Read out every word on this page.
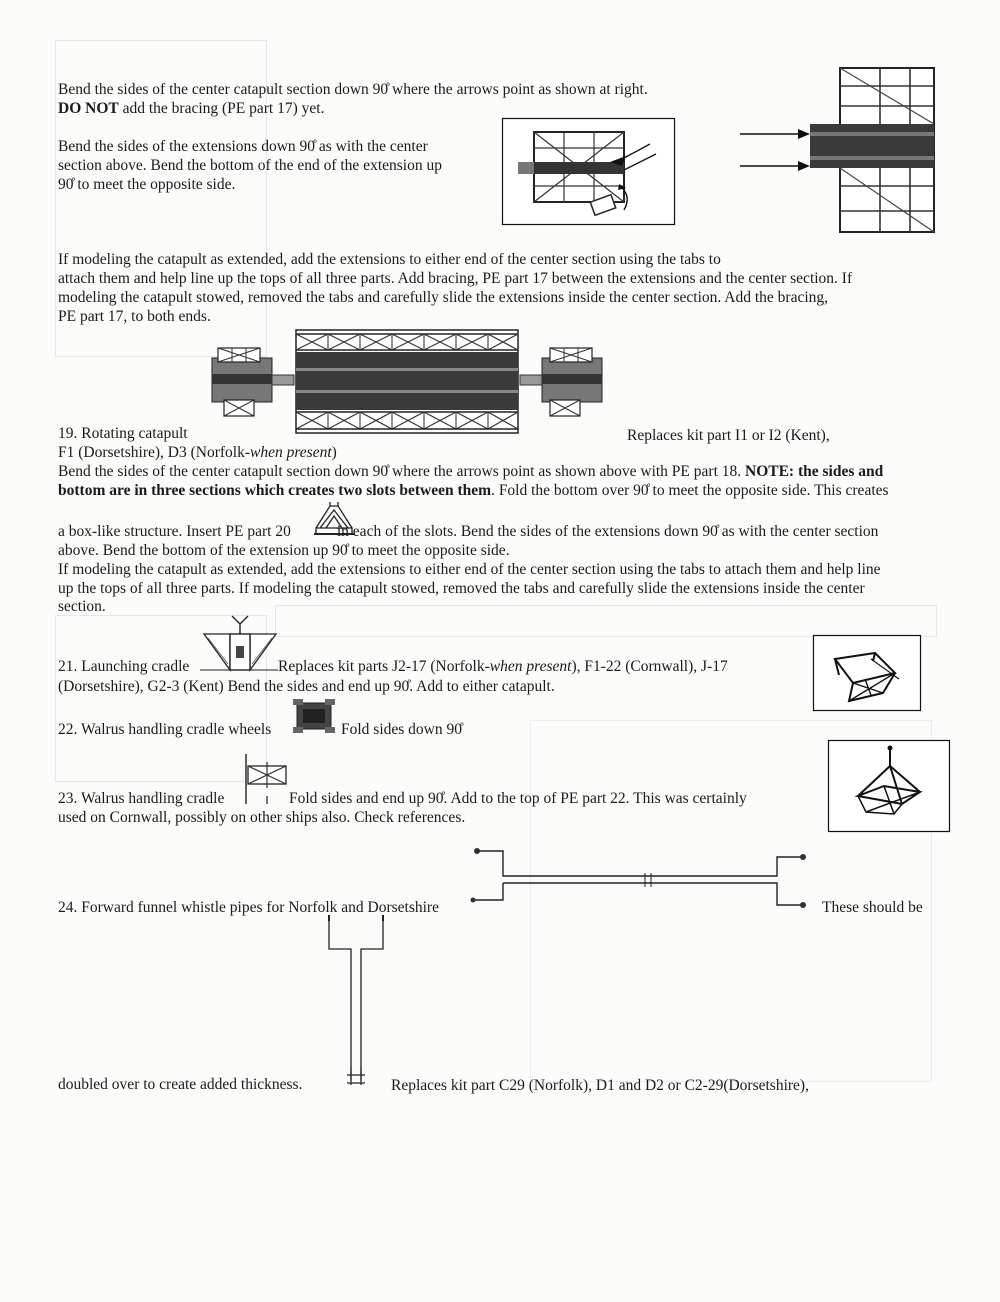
Bend the sides of the center catapult section down 90̊ where the arrows point as shown at right.
DO NOT add the bracing (PE part 17) yet.
Bend the sides of the extensions down 90̊ as with the center
section above. Bend the bottom of the end of the extension up
90̊ to meet the opposite side.
If modeling the catapult as extended, add the extensions to either end of the center section using the tabs to
attach them and help line up the tops of all three parts. Add bracing, PE part 17 between the extensions and the center section. If
modeling the catapult stowed, removed the tabs and carefully slide the extensions inside the center section. Add the bracing,
PE part 17, to both ends.
19. Rotating catapult	Replaces kit part I1 or I2 (Kent),
F1 (Dorsetshire), D3 (Norfolk-when present)
Bend the sides of the center catapult section down 90̊ where the arrows point as shown above with PE part 18. NOTE: the sides and
bottom are in three sections which creates two slots between them. Fold the bottom over 90̊ to meet the opposite side. This creates
a box-like structure. Insert PE part 20	in each of the slots. Bend the sides of the extensions down 90̊ as with the center section
above. Bend the bottom of the extension up 90̊ to meet the opposite side.
If modeling the catapult as extended, add the extensions to either end of the center section using the tabs to attach them and help line
up the tops of all three parts. If modeling the catapult stowed, removed the tabs and carefully slide the extensions inside the center
section.
21. Launching cradle	Replaces kit parts J2-17 (Norfolk-when present), F1-22 (Cornwall), J-17
(Dorsetshire), G2-3 (Kent) Bend the sides and end up 90̊. Add to either catapult.
22. Walrus handling cradle wheels	Fold sides down 90̊
23. Walrus handling cradle	Fold sides and end up 90̊. Add to the top of PE part 22. This was certainly
used on Cornwall, possibly on other ships also. Check references.
24. Forward funnel whistle pipes for Norfolk and Dorsetshire	These should be
doubled over to create added thickness.	Replaces kit part C29 (Norfolk), D1 and D2 or C2-29(Dorsetshire),
